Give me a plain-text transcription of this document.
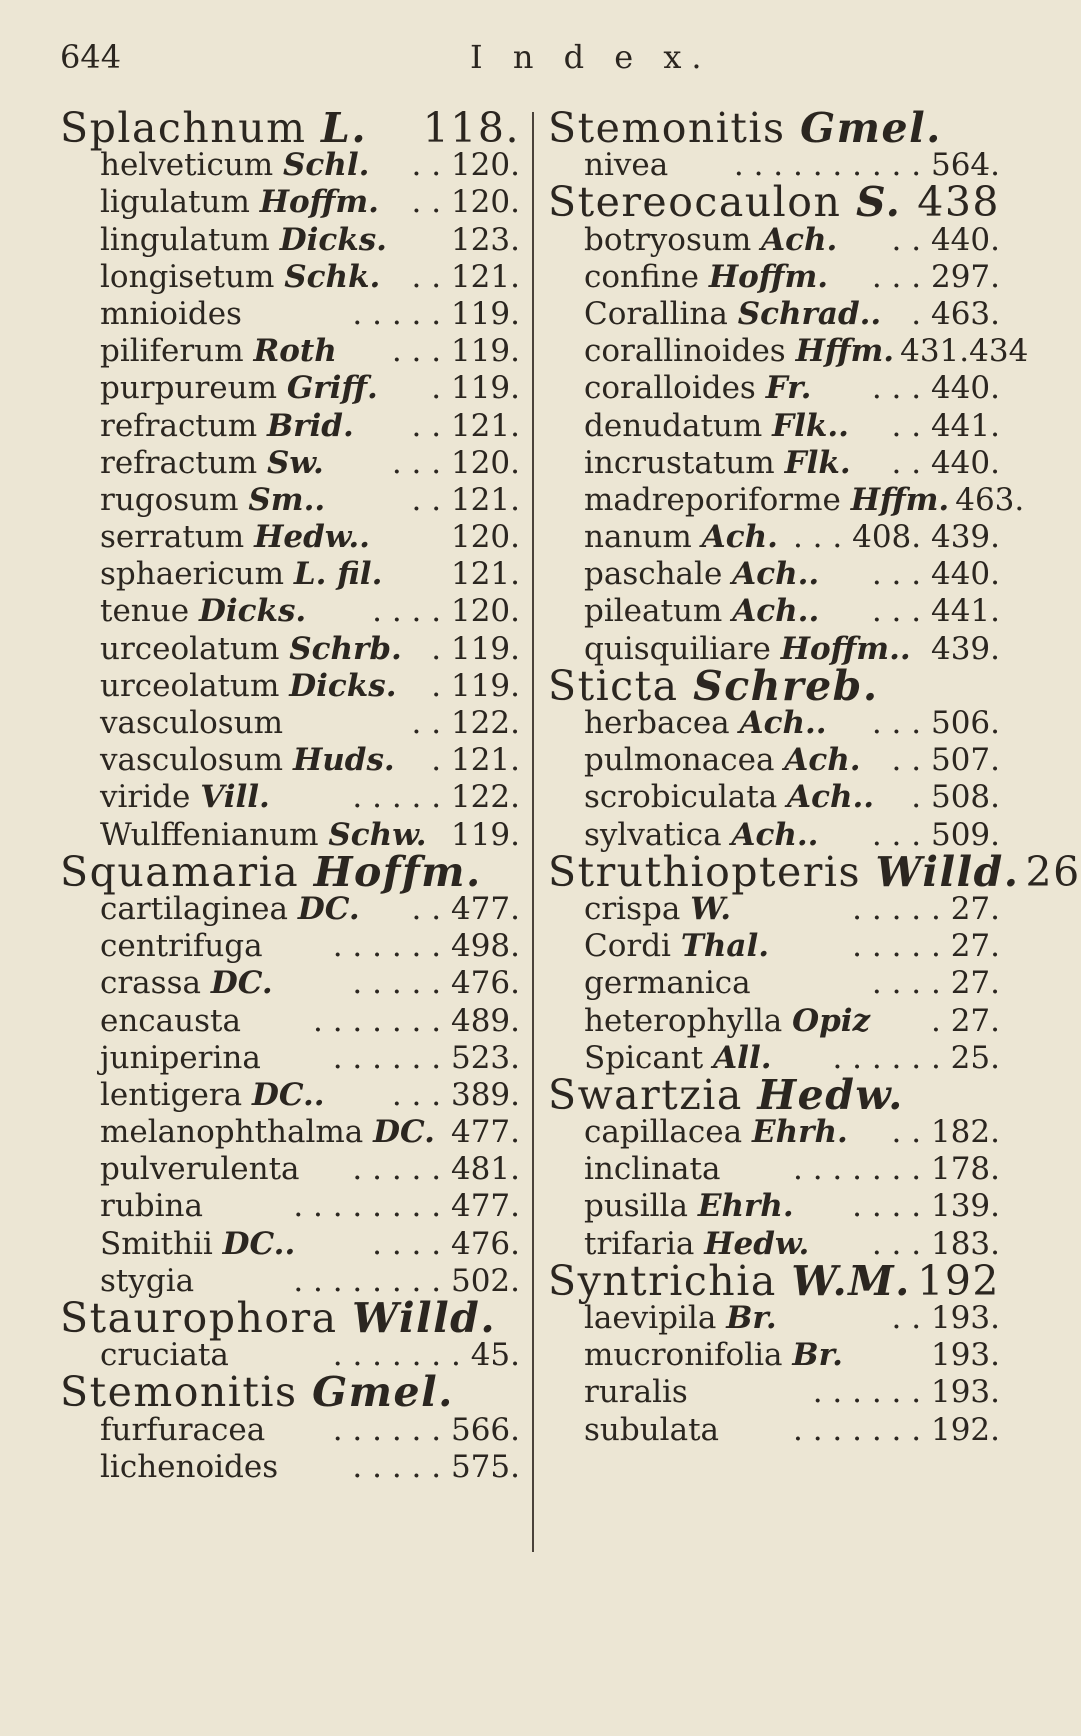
644	I n d e x.
Splachnum L. 118.
helveticum Schl. . . 120.
ligulatum Hoffm. . . 120.
lingulatum Dicks. 123.
longisetum Schk. . . 121.
mnioides	. . . . . 119.
piliferum Roth . . . 119.
purpureum Griff. . 119.
refractum Brid. . . 121.
refractum Sw. . . . 120.
rugosum Sm..	. . 121.
serratum Hedw..	120.
sphaericum L. fil. 121.
tenue Dicks. . . . . 120.
urceolatum Schrb. . 119.
urceolatum Dicks. . 119.
vasculosum	. . 122.
vasculosum Huds. . 121.
viride Vill.	. . . . . 122.
Wulffenianum Schw. 119.
Squamaria Hoffm.
cartilaginea DC. . . 477.
centrifuga . . . . . . 498.
crassa DC.	. . . . . 476.
encausta . . . . . . . 489.
juniperina . . . . . . 523.
lentigera DC.. . . . 389.
melanophthalma DC. 477.
pulverulenta . . . . . 481.
rubina	. . . . . . . . 477.
Smithii DC.. . . . . 476.
stygia	. . . . . . . . 502.
Staurophora Willd.
cruciata	. . . . . . . 45.
Stemonitis Gmel.
furfuracea . . . . . . 566.
lichenoides . . . . . 575.
Stemonitis Gmel.
nivea . . . . . . . . . . 564.
Stereocaulon S. 438
botryosum Ach. . . 440.
confine Hoffm. . . . 297.
Corallina Schrad.. . 463.
corallinoides Hffm. 431.434
coralloides Fr. . . . 440.
denudatum Flk.. . . 441.
incrustatum Flk. . . 440.
madreporiforme Hffm. 463.
nanum Ach. . . . 408. 439.
paschale Ach.. . . . 440.
pileatum Ach.. . . . 441.
quisquiliare Hoffm.. 439.
Sticta Schreb.
herbacea Ach.. . . . 506.
pulmonacea Ach. . . 507.
scrobiculata Ach.. . 508.
sylvatica Ach.. . . . 509.
Struthiopteris Willd. 26
crispa W.	. . . . . 27.
Cordi Thal.	. . . . . 27.
germanica	. . . . 27.
heterophylla Opiz . 27.
Spicant All. . . . . . . 25.
Swartzia Hedw.
capillacea Ehrh. . . 182.
inclinata . . . . . . . 178.
pusilla Ehrh. . . . . 139.
trifaria Hedw. . . . 183.
Syntrichia W.M. 192
laevipila Br.	. . 193.
mucronifolia Br.	193.
ruralis	. . . . . . 193.
subulata . . . . . . . 192.
